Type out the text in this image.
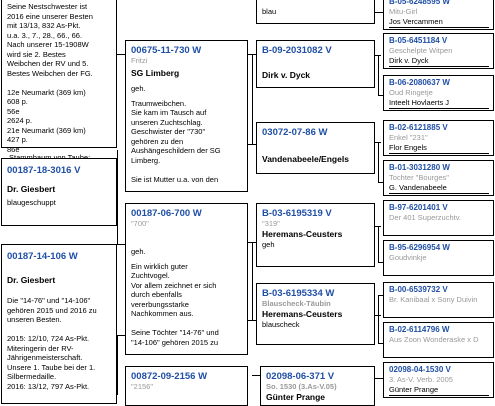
Seine Nestschwester ist
2016 eine unserer Besten
mit 13/13, 832 As-Pkt.
u.a. 3., 7., 28., 66., 66.
Nach unserer 15-1908W
wird sie 2. Bestes
Weibchen der RV und 5.
Bestes Weibchen der FG.

12e Neumarkt (369 km)
608 p.
56e
2624 p.
21e Neumarkt (369 km)
427 p.
86e
00187-18-3016 V
Dr. Giesbert
blaugeschuppt
00187-14-106 W
Dr. Giesbert
Die "14-76" und "14-106"
gehören 2015 und 2016 zu
unseren Besten.

2015: 12/10, 724 As-Pkt.
Miteringerin der RV-
Jährigenmeisterschaft.
Unsere 1. Taube bei der 1.
Silbermedaille.
2016: 13/12, 797 As-Pkt.
00675-11-730 W
Fritzi
SG Limberg
geh.
Traumweibchen.
Sie kam im Tausch auf
unseren Zuchtschlag.
Geschwister der "730"
gehören zu den
Aushängeschildern der SG
Limberg.

Sie ist Mutter u.a. von den
00187-06-700 W
"700"
geh.
Ein wirklich guter
Zuchtvogel.
Vor allem zeichnet er sich
durch ebenfalls
vererbungsstarke
Nachkommen aus.

Seine Töchter "14-76" und
"14-106" gehören 2015 zu
00872-09-2156 W
"2156"
blau
B-09-2031082 V
Dirk v. Dyck
03072-07-86 W
Vandenabeele/Engels
B-03-6195319 V
"319"
Heremans-Ceusters
geh
B-03-6195334 W
Blauscheck-Täubin
Heremans-Ceusters
blauscheck
02098-06-371 V
So. 1530 (3.As-V.05)
Günter Prange
B-05-6248595 W
Mitu-Girl
Jos Vercammen
B-05-6451184 V
Geschelpte Witpen
Dirk v. Dyck
B-06-2080637 W
Oud Ringetje
Inteelt Hovlaerts J
B-02-6121885 V
Enkel "231"
Flor Engels
B-01-3031280 W
Tochter "Bourges"
G. Vandenabeele
B-97-6201401 V
Der 401 Superzuchtv.
B-95-6296954 W
Goudvinkje
B-00-6539732 V
Br. Kanibaal x Sony Duivin
B-02-6114796 W
Aus Zoon Wonderaske x D
02098-04-1530 V
3. As-V. Verb. 2005
Günter Prange
